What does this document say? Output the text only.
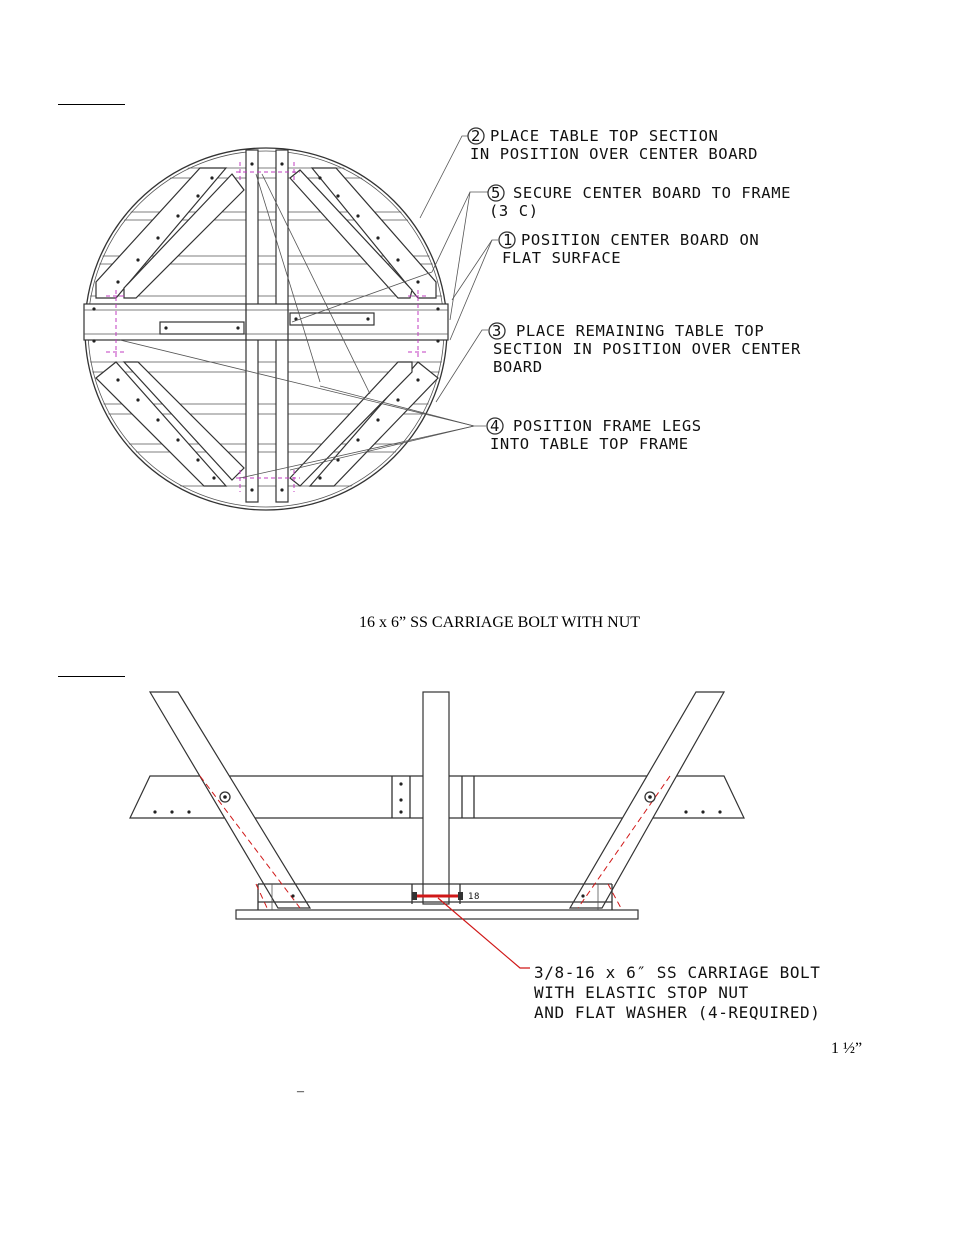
2 PLACE TABLE TOP SECTION
IN POSITION OVER CENTER BOARD
5 SECURE CENTER BOARD TO FRAME
(3 C)
1 POSITION CENTER BOARD ON
FLAT SURFACE
3 PLACE REMAINING TABLE TOP
SECTION IN POSITION OVER CENTER
BOARD
4 POSITION FRAME LEGS
INTO TABLE TOP FRAME
18
3/8-16 x 6″ SS CARRIAGE BOLT
WITH ELASTIC STOP NUT
AND FLAT WASHER (4-REQUIRED)
16 x 6” SS CARRIAGE BOLT WITH NUT
1 ½”
–
